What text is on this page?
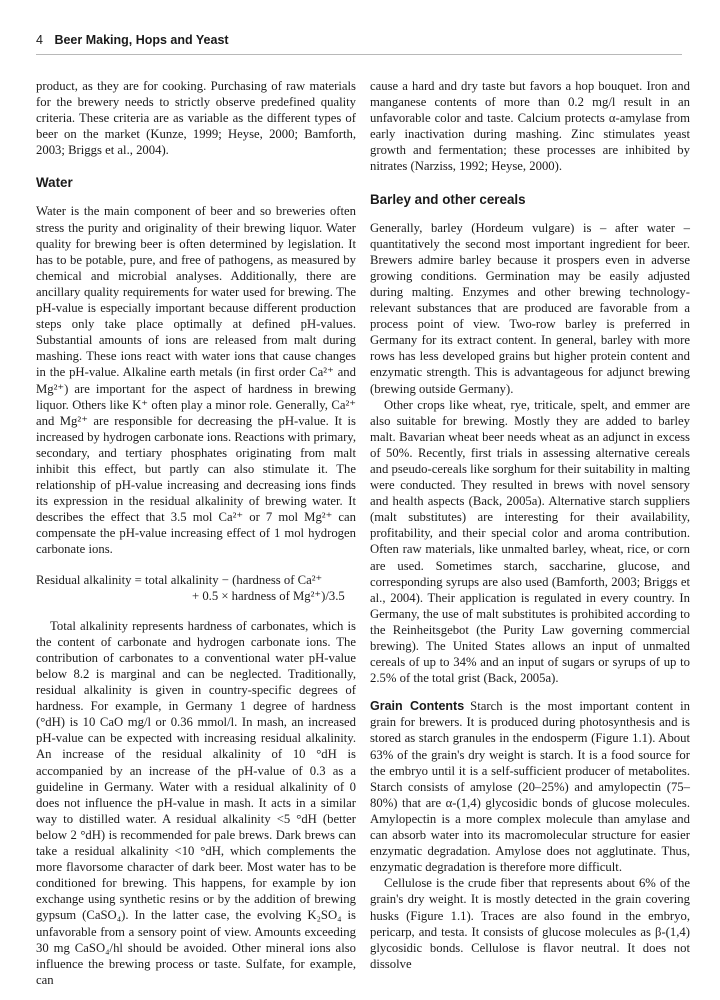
4 Beer Making, Hops and Yeast

product, as they are for cooking. Purchasing of raw materials for the brewery needs to strictly observe predefined quality criteria. These criteria are as variable as the different types of beer on the market (Kunze, 1999; Heyse, 2000; Bamforth, 2003; Briggs et al., 2004).

Water

Water is the main component of beer and so breweries often stress the purity and originality of their brewing liquor. Water quality for brewing beer is often determined by legislation. It has to be potable, pure, and free of pathogens, as measured by chemical and microbial analyses. Additionally, there are ancillary quality requirements for water used for brewing. The pH-value is especially important because different production steps only take place optimally at defined pH-values. Substantial amounts of ions are released from malt during mashing. These ions react with water ions that cause changes in the pH-value. Alkaline earth metals (in first order Ca²⁺ and Mg²⁺) are important for the aspect of hardness in brewing liquor. Others like K⁺ often play a minor role. Generally, Ca²⁺ and Mg²⁺ are responsible for decreasing the pH-value. It is increased by hydrogen carbonate ions. Reactions with primary, secondary, and tertiary phosphates originating from malt inhibit this effect, but partly can also stimulate it. The relationship of pH-value increasing and decreasing ions finds its expression in the residual alkalinity of brewing water. It describes the effect that 3.5 mol Ca²⁺ or 7 mol Mg²⁺ can compensate the pH-value increasing effect of 1 mol hydrogen carbonate ions.

Residual alkalinity = total alkalinity − (hardness of Ca²⁺
+ 0.5 × hardness of Mg²⁺)/3.5

Total alkalinity represents hardness of carbonates, which is the content of carbonate and hydrogen carbonate ions. The contribution of carbonates to a conventional water pH-value below 8.2 is marginal and can be neglected. Traditionally, residual alkalinity is given in country-specific degrees of hardness. For example, in Germany 1 degree of hardness (°dH) is 10 CaO mg/l or 0.36 mmol/l. In mash, an increased pH-value can be expected with increasing residual alkalinity. An increase of the residual alkalinity of 10 °dH is accompanied by an increase of the pH-value of 0.3 as a guideline in Germany. Water with a residual alkalinity of 0 does not influence the pH-value in mash. It acts in a similar way to distilled water. A residual alkalinity <5 °dH (better below 2 °dH) is recommended for pale brews. Dark brews can take a residual alkalinity <10 °dH, which complements the more flavorsome character of dark beer. Most water has to be conditioned for brewing. This happens, for example by ion exchange using synthetic resins or by the addition of brewing gypsum (CaSO₄). In the latter case, the evolving K₂SO₄ is unfavorable from a sensory point of view. Amounts exceeding 30 mg CaSO₄/hl should be avoided. Other mineral ions also influence the brewing process or taste. Sulfate, for example, can

cause a hard and dry taste but favors a hop bouquet. Iron and manganese contents of more than 0.2 mg/l result in an unfavorable color and taste. Calcium protects α-amylase from early inactivation during mashing. Zinc stimulates yeast growth and fermentation; these processes are inhibited by nitrates (Narziss, 1992; Heyse, 2000).

Barley and other cereals

Generally, barley (Hordeum vulgare) is – after water – quantitatively the second most important ingredient for beer. Brewers admire barley because it prospers even in adverse growing conditions. Germination may be easily adjusted during malting. Enzymes and other brewing technology-relevant substances that are produced are favorable from a process point of view. Two-row barley is preferred in Germany for its extract content. In general, barley with more rows has less developed grains but higher protein content and enzymatic strength. This is advantageous for adjunct brewing (brewing outside Germany).

Other crops like wheat, rye, triticale, spelt, and emmer are also suitable for brewing. Mostly they are added to barley malt. Bavarian wheat beer needs wheat as an adjunct in excess of 50%. Recently, first trials in assessing alternative cereals and pseudo-cereals like sorghum for their suitability in malting were conducted. They resulted in brews with novel sensory and health aspects (Back, 2005a). Alternative starch suppliers (malt substitutes) are interesting for their availability, profitability, and their special color and aroma contribution. Often raw materials, like unmalted barley, wheat, rice, or corn are used. Sometimes starch, saccharine, glucose, and corresponding syrups are also used (Bamforth, 2003; Briggs et al., 2004). Their application is regulated in every country. In Germany, the use of malt substitutes is prohibited according to the Reinheitsgebot (the Purity Law governing commercial brewing). The United States allows an input of unmalted cereals of up to 34% and an input of sugars or syrups of up to 2.5% of the total grist (Back, 2005a).

Grain Contents Starch is the most important content in grain for brewers. It is produced during photosynthesis and is stored as starch granules in the endosperm (Figure 1.1). About 63% of the grain's dry weight is starch. It is a food source for the embryo until it is a self-sufficient producer of metabolites. Starch consists of amylose (20–25%) and amylopectin (75–80%) that are α-(1,4) glycosidic bonds of glucose molecules. Amylopectin is a more complex molecule than amylase and can absorb water into its macromolecular structure for easier enzymatic degradation. Amylose does not agglutinate. Thus, enzymatic degradation is therefore more difficult.

Cellulose is the crude fiber that represents about 6% of the grain's dry weight. It is mostly detected in the grain covering husks (Figure 1.1). Traces are also found in the embryo, pericarp, and testa. It consists of glucose molecules as β-(1,4) glycosidic bonds. Cellulose is flavor neutral. It does not dissolve
